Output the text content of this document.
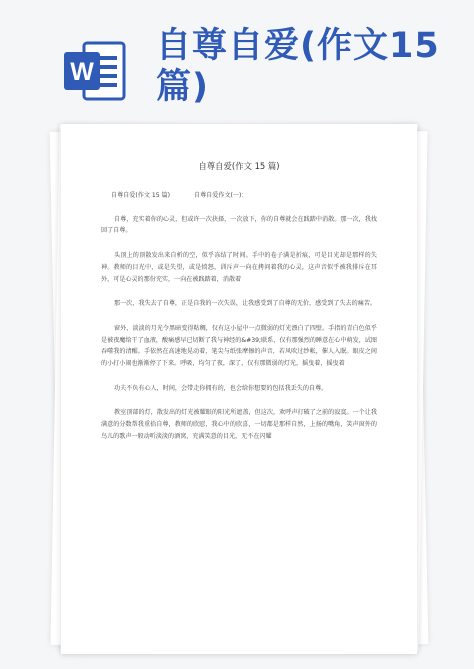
W
自尊自爱(作文15篇)
自尊自爱(作文 15 篇)
自尊自爱(作文 15 篇)	自尊自爱作文(一)：

自尊，充实着你的心灵，但或许一次抉择，一次放下，你的自尊就会在践踏中消散。那一次，我找回了自尊。

头顶上的顶散发出来自析的空，似乎冻结了时间。手中的卷子满是折痕，可是目光却是那样的失神。教师的目光中，或是失望，或是愤怒，训斥声一向在拷问着我的心灵，这声音似乎被我排斥在耳外，可是心灵的那份充实，一向在被践踏着，消散着

那一次，我失去了自尊，正是自我的一次失误，让我感受到了自尊的无价，感受到了失去的痛苦。

窗外，淡淡的月光令黑暗变得粘稠，仅有这小屋中一点微弱的灯光漂白了四壁。手指的青白色似乎是被夜魔给干了血液，酸痛感早已切断了我与神经的&#39;联系，仅有那强烈的睡意在心中萌发，试图吞噬我的清醒。手依然在高速地晃动着，笔尖与纸张摩擦的声音，若风吹过纱帐，催人入眠。眼皮之间的小打小闹也渐渐停了下来。呼吸，均匀了夜，深了，仅有那微弱的灯光，摇曳着，摇曳着

功夫不负有心人，时间，会带走你拥有的，也会给你想要的包括我丢失的自尊。

教室顶部的灯，散发出的灯光被耀眼的阳光所遮盖，但这次，欢呼声打破了之前的寂寞。一个让我满意的分数帮我重拾自尊，教师的欣慰，我心中的欣喜，一切都是那样自然，上扬的嘴角，笑声窗外的鸟儿的歌声一般动听淡淡的酒窝，充满笑意的目光，无不在闪耀
